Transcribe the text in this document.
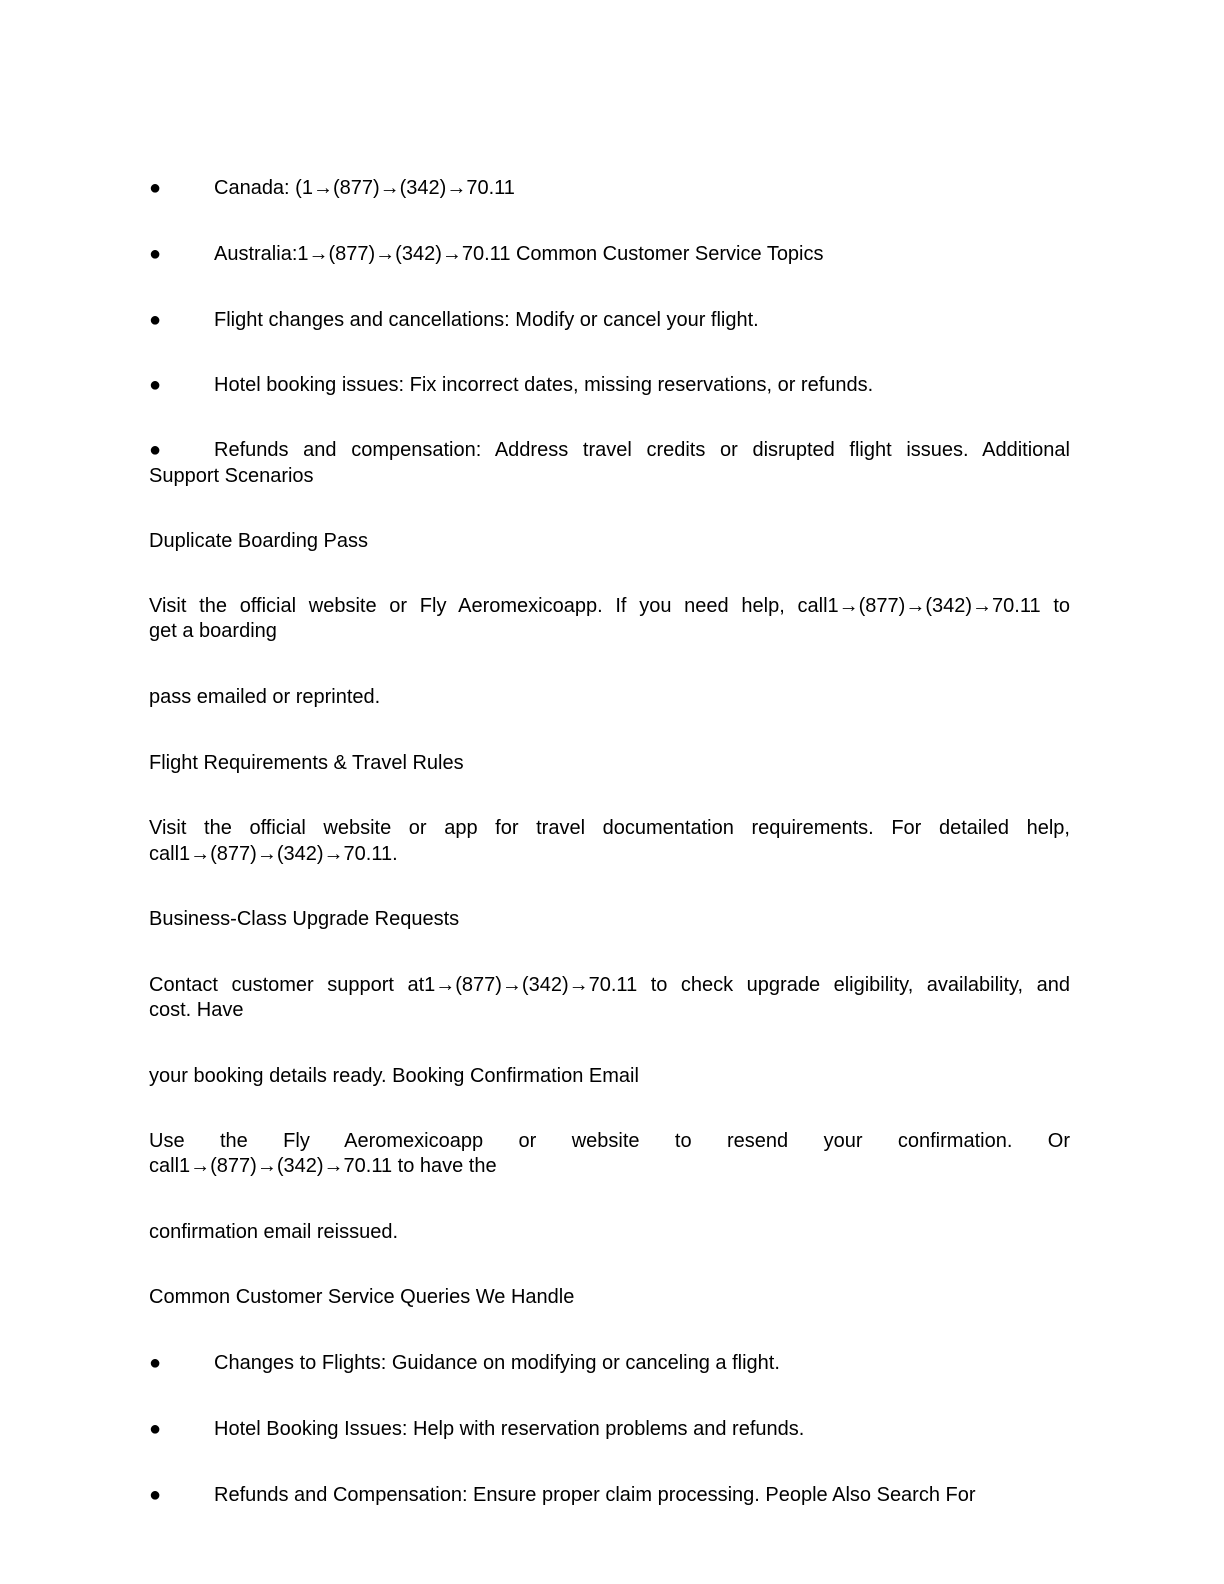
●	Canada: (1→(877)→(342)→70.11
●	Australia:1→(877)→(342)→70.11 Common Customer Service Topics
●	Flight changes and cancellations: Modify or cancel your flight.
●	Hotel booking issues: Fix incorrect dates, missing reservations, or refunds.
●	Refunds and compensation: Address travel credits or disrupted flight issues. Additional
Support Scenarios
Duplicate Boarding Pass
Visit the official website or Fly Aeromexicoapp. If you need help, call1→(877)→(342)→70.11 to
get a boarding
pass emailed or reprinted.
Flight Requirements & Travel Rules
Visit the official website or app for travel documentation requirements. For detailed help,
call1→(877)→(342)→70.11.
Business-Class Upgrade Requests
Contact customer support at1→(877)→(342)→70.11 to check upgrade eligibility, availability, and
cost. Have
your booking details ready. Booking Confirmation Email
Use the Fly Aeromexicoapp or website to resend your confirmation. Or
call1→(877)→(342)→70.11 to have the
confirmation email reissued.
Common Customer Service Queries We Handle
●	Changes to Flights: Guidance on modifying or canceling a flight.
●	Hotel Booking Issues: Help with reservation problems and refunds.
●	Refunds and Compensation: Ensure proper claim processing. People Also Search For
